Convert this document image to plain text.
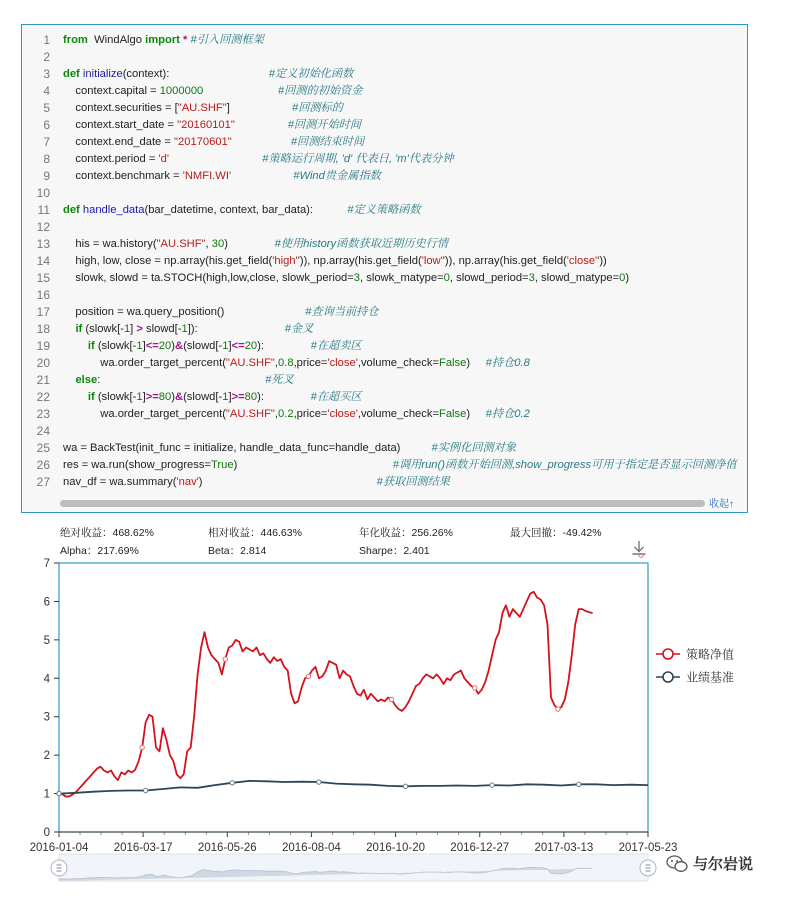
1 from  WindAlgo import * #引入回测框架
2
3 def initialize(context):	#定义初始化函数
4 context.capital = 1000000	#回测的初始资金
5 context.securities = ["AU.SHF"]	#回测标的
6 context.start_date = "20160101"	#回测开始时间
7 context.end_date = "20170601"	#回测结束时间
8 context.period = 'd'	#策略运行周期, 'd' 代表日, 'm'代表分钟
9 context.benchmark = 'NMFI.WI'	#Wind贵金属指数
10
11 def handle_data(bar_datetime, context, bar_data):	#定义策略函数
12
13 his = wa.history("AU.SHF", 30)	#使用history函数获取近期历史行情
14 high, low, close = np.array(his.get_field('high'')), np.array(his.get_field('low'')), np.array(his.get_field('close''))
15 slowk, slowd = ta.STOCH(high,low,close, slowk_period=3, slowk_matype=0, slowd_period=3, slowd_matype=0)
16
17 position = wa.query_position()	#查询当前持仓
18	if (slowk[-1] > slowd[-1]):	#金叉
19	if (slowk[-1]<=20)&(slowd[-1]<=20):	#在超卖区
20 wa.order_target_percent("AU.SHF",0.8,price='close',volume_check=False) #持仓0.8
21	else:	#死叉
22	if (slowk[-1]>=80)&(slowd[-1]>=80):	#在超买区
23 wa.order_target_percent("AU.SHF",0.2,price='close',volume_check=False) #持仓0.2
24
25 wa = BackTest(init_func = initialize, handle_data_func=handle_data)	#实例化回测对象
26 res = wa.run(show_progress=True)	#调用run()函数开始回测,show_progress可用于指定是否显示回测净值
27 nav_df = wa.summary('nav')	#获取回测结果
收起↑
绝对收益：468.62%	相对收益：446.63%	年化收益：256.26%	最大回撤：-49.42%
Alpha：217.69%	Beta：2.814	Sharpe：2.401
0
1
2
3
4
5
6
7
2016-01-04 2016-03-17 2016-05-26 2016-08-04 2016-10-20 2016-12-27 2017-03-13 2017-05-23
策略净值
业绩基准
与尔岩说
